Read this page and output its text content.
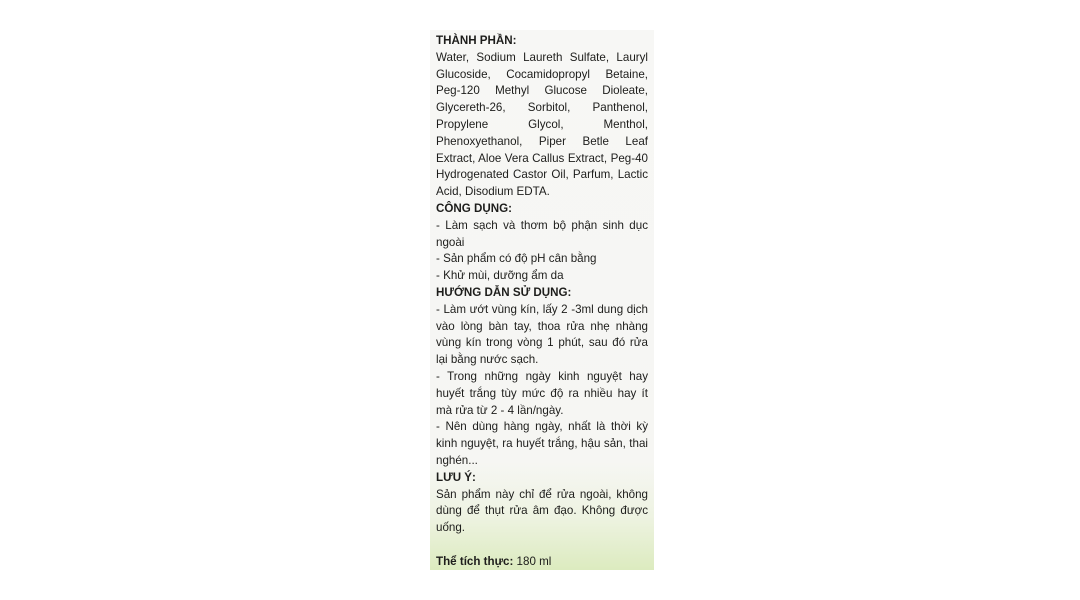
THÀNH PHẦN:
Water, Sodium Laureth Sulfate, Lauryl Glucoside, Cocamidopropyl Betaine, Peg-120 Methyl Glucose Dioleate, Glycereth-26, Sorbitol, Panthenol, Propylene Glycol, Menthol, Phenoxyethanol, Piper Betle Leaf Extract, Aloe Vera Callus Extract, Peg-40 Hydrogenated Castor Oil, Parfum, Lactic Acid, Disodium EDTA.
CÔNG DỤNG:
- Làm sạch và thơm bộ phận sinh dục ngoài
- Sản phẩm có độ pH cân bằng
- Khử mùi, dưỡng ẩm da
HƯỚNG DẪN SỬ DỤNG:
- Làm ướt vùng kín, lấy 2 -3ml dung dịch vào lòng bàn tay, thoa rửa nhẹ nhàng vùng kín trong vòng 1 phút, sau đó rửa lại bằng nước sạch.
- Trong những ngày kinh nguyệt hay huyết trắng tùy mức độ ra nhiều hay ít mà rửa từ 2 - 4 lần/ngày.
- Nên dùng hàng ngày, nhất là thời kỳ kinh nguyệt, ra huyết trắng, hậu sản, thai nghén...
LƯU Ý:
Sản phẩm này chỉ để rửa ngoài, không dùng để thụt rửa âm đạo. Không được uống.
Thể tích thực: 180 ml
